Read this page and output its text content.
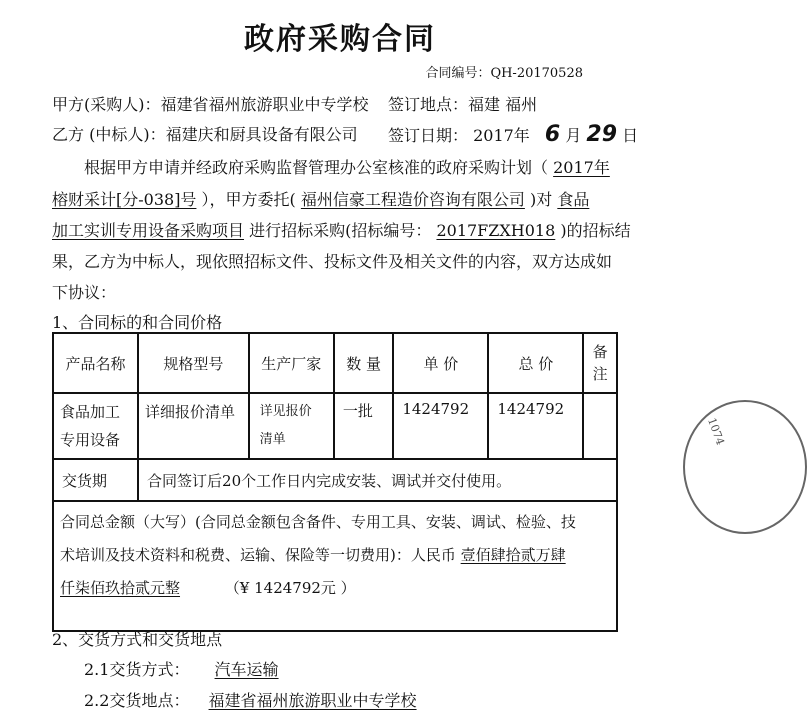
政府采购合同
合同编号：QH-20170528
甲方(采购人)：福建省福州旅游职业中专学校 签订地点：福建 福州
乙方 (中标人)：福建庆和厨具设备有限公司 签订日期： 2017年 6 月 29 日
根据甲方申请并经政府采购监督管理办公室核准的政府采购计划（ 2017年
榕财采计[分-038]号 ），甲方委托( 福州信豪工程造价咨询有限公司 )对 食品
加工实训专用设备采购项目 进行招标采购(招标编号： 2017FZXH018 )的招标结
果，乙方为中标人，现依照招标文件、投标文件及相关文件的内容，双方达成如
下协议：
1、合同标的和合同价格
产品名称	规格型号	生产厂家	数 量	单 价	总 价	备注
食品加工专用设备	详细报价清单	详见报价清单	一批	1424792	1424792	
交货期	合同签订后20个工作日内完成安装、调试并交付使用。					

合同总金额（大写）(合同总金额包含备件、专用工具、安装、调试、检验、技
术培训及技术资料和税费、运输、保险等一切费用)：人民币 壹佰肆拾贰万肆
仟柒佰玖拾贰元整 （¥ 1424792元 ）						
2、交货方式和交货地点
2.1交货方式： 汽车运输
2.2交货地点： 福建省福州旅游职业中专学校
1074
